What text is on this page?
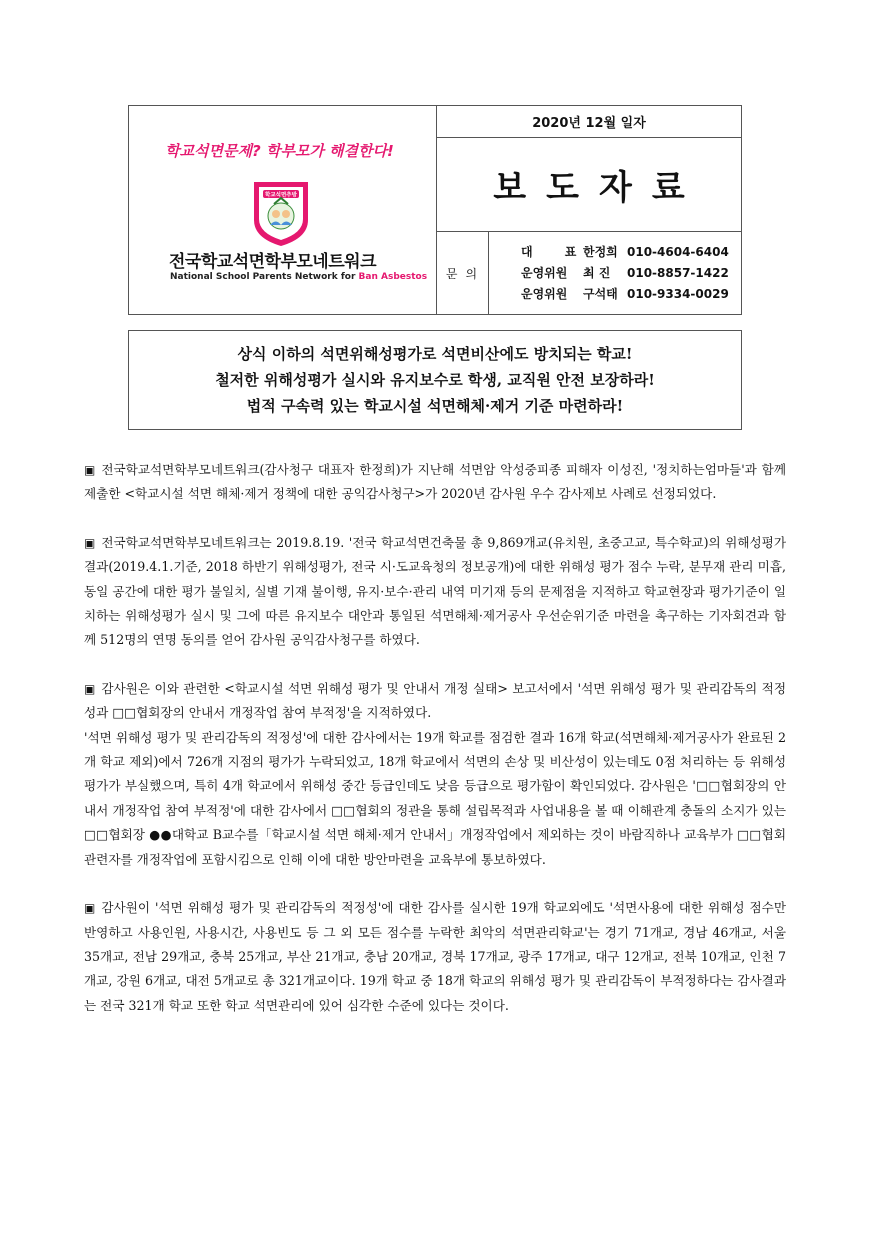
학교석면문제? 학부모가 해결한다!
학교석면추방
전국학교석면학부모네트워크
National School Parents Network for Ban Asbestos
2020년 12월 일자
보도자료
문의
대 표한정희 010-4604-6404
운영위원 최 진 010-8857-1422
운영위원 구석태 010-9334-0029
상식 이하의 석면위해성평가로 석면비산에도 방치되는 학교!
철저한 위해성평가 실시와 유지보수로 학생, 교직원 안전 보장하라!
법적 구속력 있는 학교시설 석면해체·제거 기준 마련하라!

▣ 전국학교석면학부모네트워크(감사청구 대표자 한정희)가 지난해 석면암 악성중피종 피해자 이성진, '정치하는엄마들'과 함께 제출한 <학교시설 석면 해체·제거 정책에 대한 공익감사청구>가 2020년 감사원 우수 감사제보 사례로 선정되었다.

▣ 전국학교석면학부모네트워크는 2019.8.19. '전국 학교석면건축물 총 9,869개교(유치원, 초중고교, 특수학교)의 위해성평가결과(2019.4.1.기준, 2018 하반기 위해성평가, 전국 시·도교육청의 정보공개)에 대한 위해성 평가 점수 누락, 분무재 관리 미흡, 동일 공간에 대한 평가 불일치, 실별 기재 불이행, 유지·보수·관리 내역 미기재 등의 문제점을 지적하고 학교현장과 평가기준이 일치하는 위해성평가 실시 및 그에 따른 유지보수 대안과 통일된 석면해체·제거공사 우선순위기준 마련을 촉구하는 기자회견과 함께 512명의 연명 동의를 얻어 감사원 공익감사청구를 하였다.

▣ 감사원은 이와 관련한 <학교시설 석면 위해성 평가 및 안내서 개정 실태> 보고서에서 '석면 위해성 평가 및 관리감독의 적정성과 □□협회장의 안내서 개정작업 참여 부적정'을 지적하였다.

'석면 위해성 평가 및 관리감독의 적정성'에 대한 감사에서는 19개 학교를 점검한 결과 16개 학교(석면해체·제거공사가 완료된 2개 학교 제외)에서 726개 지점의 평가가 누락되었고, 18개 학교에서 석면의 손상 및 비산성이 있는데도 0점 처리하는 등 위해성 평가가 부실했으며, 특히 4개 학교에서 위해성 중간 등급인데도 낮음 등급으로 평가함이 확인되었다. 감사원은 '□□협회장의 안내서 개정작업 참여 부적정'에 대한 감사에서 □□협회의 정관을 통해 설립목적과 사업내용을 볼 때 이해관계 충돌의 소지가 있는 □□협회장 ●●대학교 B교수를「학교시설 석면 해체·제거 안내서」개정작업에서 제외하는 것이 바람직하나 교육부가 □□협회 관련자를 개정작업에 포함시킴으로 인해 이에 대한 방안마련을 교육부에 통보하였다.

▣ 감사원이 '석면 위해성 평가 및 관리감독의 적정성'에 대한 감사를 실시한 19개 학교외에도 '석면사용에 대한 위해성 점수만 반영하고 사용인원, 사용시간, 사용빈도 등 그 외 모든 점수를 누락한 최악의 석면관리학교'는 경기 71개교, 경남 46개교, 서울 35개교, 전남 29개교, 충북 25개교, 부산 21개교, 충남 20개교, 경북 17개교, 광주 17개교, 대구 12개교, 전북 10개교, 인천 7개교, 강원 6개교, 대전 5개교로 총 321개교이다. 19개 학교 중 18개 학교의 위해성 평가 및 관리감독이 부적정하다는 감사결과는 전국 321개 학교 또한 학교 석면관리에 있어 심각한 수준에 있다는 것이다.
